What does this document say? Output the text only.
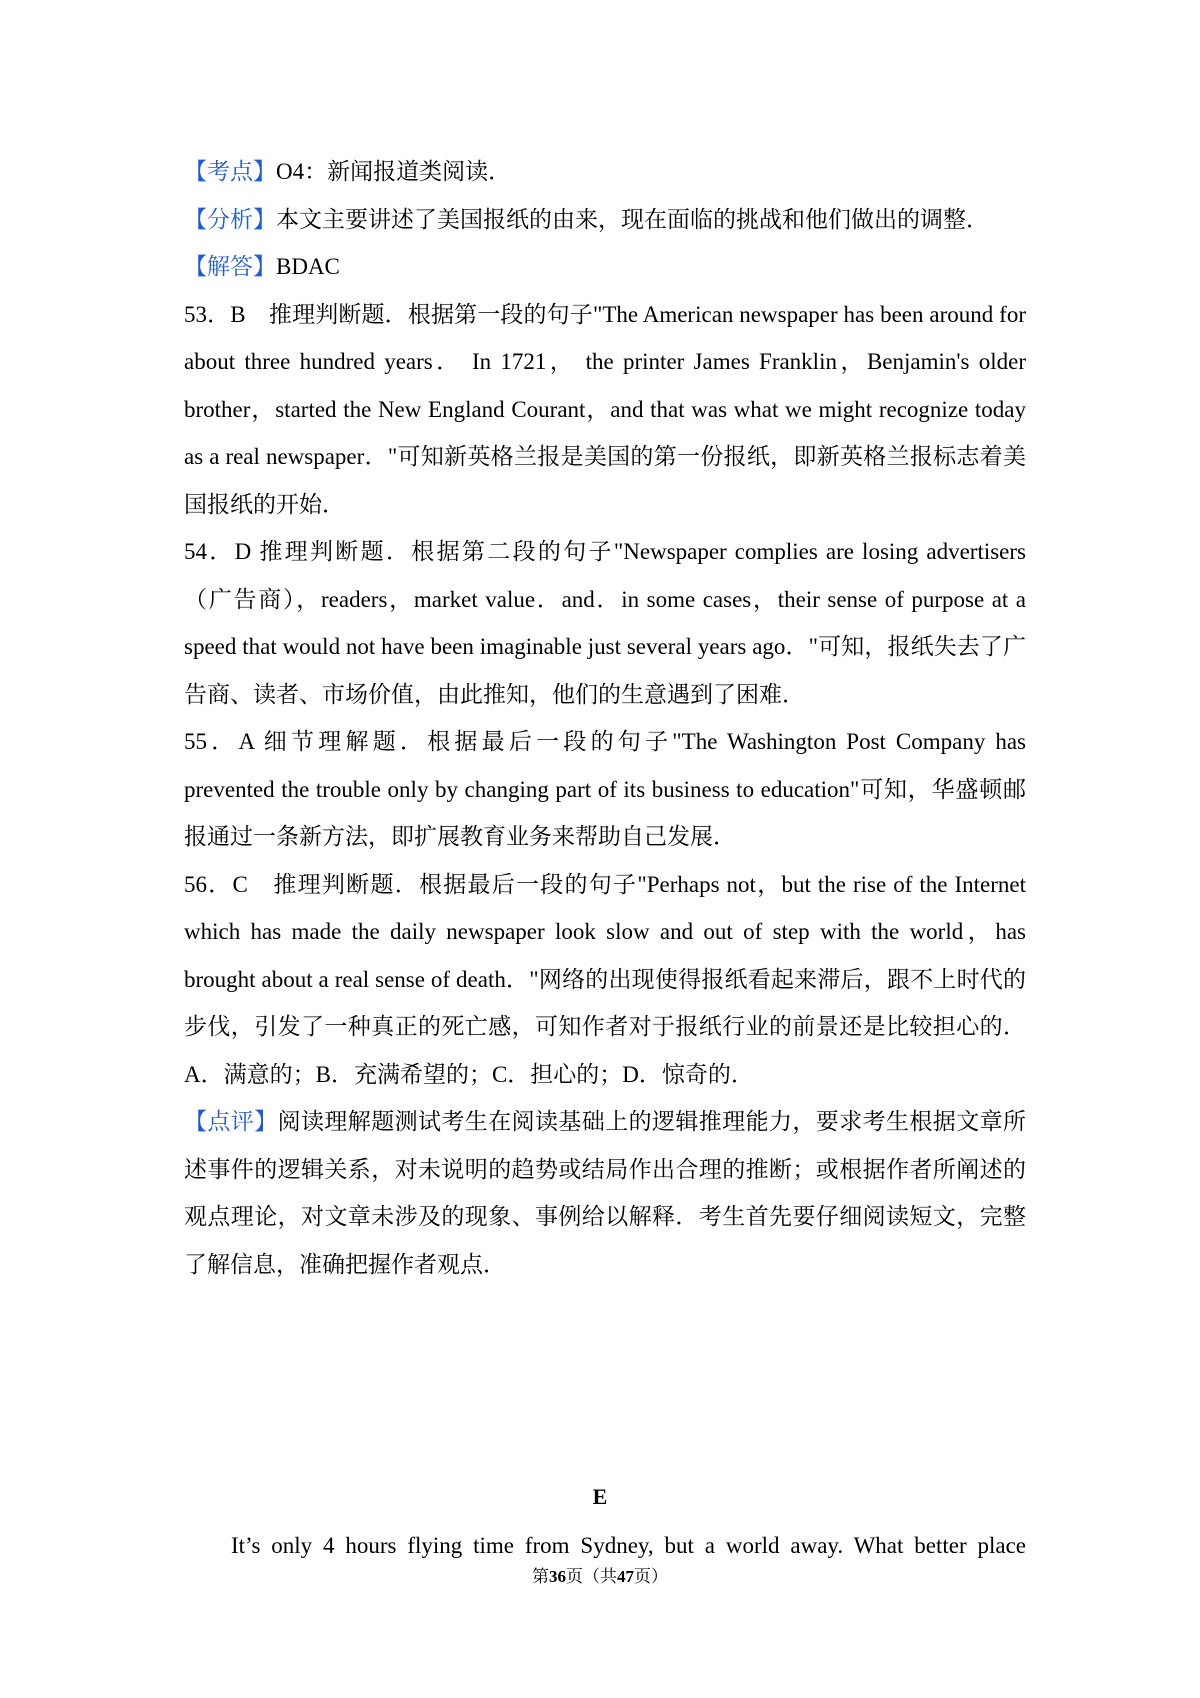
【考点】O4：新闻报道类阅读．

【分析】本文主要讲述了美国报纸的由来，现在面临的挑战和他们做出的调整．

【解答】BDAC

53．B　推理判断题．根据第一段的句子"The American newspaper has been around for about three hundred years． In 1721， the printer James Franklin，Benjamin's older brother，started the New England Courant，and that was what we might recognize today as a real newspaper．"可知新英格兰报是美国的第一份报纸，即新英格兰报标志着美国报纸的开始．

54．D 推理判断题．根据第二段的句子"Newspaper complies are losing advertisers （广告商），readers，market value．and．in some cases，their sense of purpose at a speed that would not have been imaginable just several years ago．"可知，报纸失去了广告商、读者、市场价值，由此推知，他们的生意遇到了困难．

55．A 细节理解题．根据最后一段的句子"The Washington Post Company has prevented the trouble only by changing part of its business to education"可知，华盛顿邮报通过一条新方法，即扩展教育业务来帮助自己发展．

56．C　推理判断题．根据最后一段的句子"Perhaps not，but the rise of the Internet which has made the daily newspaper look slow and out of step with the world，has brought about a real sense of death．"网络的出现使得报纸看起来滞后，跟不上时代的步伐，引发了一种真正的死亡感，可知作者对于报纸行业的前景还是比较担心的．A．满意的；B．充满希望的；C．担心的；D．惊奇的．

【点评】阅读理解题测试考生在阅读基础上的逻辑推理能力，要求考生根据文章所述事件的逻辑关系，对未说明的趋势或结局作出合理的推断；或根据作者所阐述的观点理论，对文章未涉及的现象、事例给以解释．考生首先要仔细阅读短文，完整了解信息，准确把握作者观点．

E
It’s only 4 hours flying time from Sydney, but a world away. What better place
第36页（共47页）
